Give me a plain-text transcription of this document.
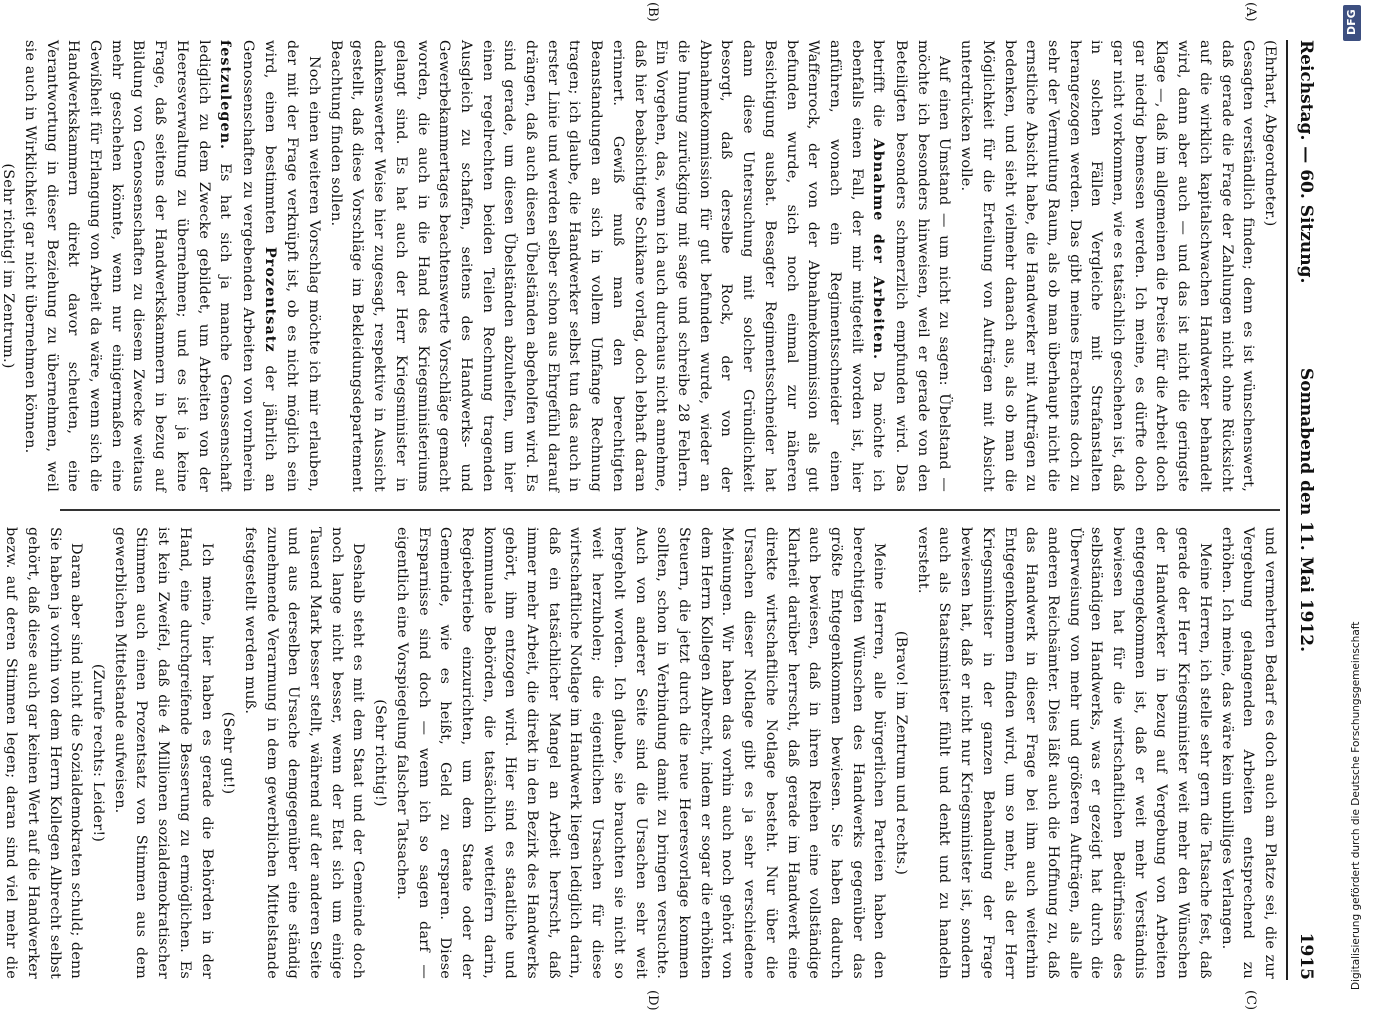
DFG
Digitalisierung gefördert durch die Deutsche Forschungsgemeinschaft
Reichstag. — 60. Sitzung.
Sonnabend den 11. Mai 1912.
1915
(A)
(B)
(C)
(D)

(Ehrhart, Abgeordneter.)

Gesagten verständlich finden; denn es ist wünschenswert, daß gerade die Frage der Zahlungen nicht ohne Rücksicht auf die wirklich kapitalschwachen Handwerker behandelt wird, dann aber auch — und das ist nicht die geringste Klage —, daß im allgemeinen die Preise für die Arbeit doch gar niedrig bemessen werden. Ich meine, es dürfte doch gar nicht vorkommen, wie es tatsächlich geschehen ist, daß in solchen Fällen Vergleiche mit Strafanstalten herangezogen werden. Das gibt meines Erachtens doch zu sehr der Vermutung Raum, als ob man überhaupt nicht die ernstliche Absicht habe, die Handwerker mit Aufträgen zu bedenken, und sieht vielmehr danach aus, als ob man die Möglichkeit für die Erteilung von Aufträgen mit Absicht unterdrücken wolle.

Auf einen Umstand — um nicht zu sagen: Übelstand — möchte ich besonders hinweisen, weil er gerade von den Beteiligten besonders schmerzlich empfunden wird. Das betrifft die Abnahme der Arbeiten. Da möchte ich ebenfalls einen Fall, der mir mitgeteilt worden ist, hier anführen, wonach ein Regimentsschneider einen Waffenrock, der von der Abnahmekommission als gut befunden wurde, sich noch einmal zur näheren Besichtigung ausbat. Besagter Regimentsschneider hat dann diese Untersuchung mit solcher Gründlichkeit besorgt, daß derselbe Rock, der von der Abnahmekommission für gut befunden wurde, wieder an die Innung zurückging mit sage und schreibe 28 Fehlern. Ein Vorgehen, das, wenn ich auch durchaus nicht annehme, daß hier beabsichtigte Schikane vorlag, doch lebhaft daran erinnert. Gewiß muß man den berechtigten Beanstandungen an sich in vollem Umfange Rechnung tragen; ich glaube, die Handwerker selbst tun das auch in erster Linie und werden selber schon aus Ehrgefühl darauf drängen, daß auch diesen Übelständen abgeholfen wird. Es sind gerade, um diesen Übelständen abzuhelfen, um hier einen regelrechten beiden Teilen Rechnung tragenden Ausgleich zu schaffen, seitens des Handwerks- und Gewerbekammertages beachtenswerte Vorschläge gemacht worden, die auch in die Hand des Kriegsministeriums gelangt sind. Es hat auch der Herr Kriegsminister in dankenswerter Weise hier zugesagt, respektive in Aussicht gestellt, daß diese Vorschläge im Bekleidungsdepartement Beachtung finden sollen.

Noch einen weiteren Vorschlag möchte ich mir erlauben, der mit der Frage verknüpft ist, ob es nicht möglich sein wird, einen bestimmten Prozentsatz der jährlich an Genossenschaften zu vergebenden Arbeiten von vornherein festzulegen. Es hat sich ja manche Genossenschaft lediglich zu dem Zwecke gebildet, um Arbeiten von der Heeresverwaltung zu übernehmen; und es ist ja keine Frage, daß seitens der Handwerkskammern in bezug auf Bildung von Genossenschaften zu diesem Zwecke weitaus mehr geschehen könnte, wenn nur einigermaßen eine Gewißheit für Erlangung von Arbeit da wäre, wenn sich die Handwerkskammern direkt davor scheuten, eine Verantwortung in dieser Beziehung zu übernehmen, weil sie auch in Wirklichkeit gar nicht übernehmen können.

(Sehr richtig! im Zentrum.)

und vermehrten Bedarf es doch auch am Platze sei, die zur Vergebung gelangenden Arbeiten entsprechend zu erhöhen. Ich meine, das wäre kein unbilliges Verlangen.

Meine Herren, ich stelle sehr gern die Tatsache fest, daß gerade der Herr Kriegsminister weit mehr den Wünschen der Handwerker in bezug auf Vergebung von Arbeiten entgegengekommen ist, daß er weit mehr Verständnis bewiesen hat für die wirtschaftlichen Bedürfnisse des selbständigen Handwerks, was er gezeigt hat durch die Überweisung von mehr und größeren Aufträgen, als alle anderen Reichsämter. Dies läßt auch die Hoffnung zu, daß das Handwerk in dieser Frage bei ihm auch weiterhin Entgegenkommen finden wird, um so mehr, als der Herr Kriegsminister in der ganzen Behandlung der Frage bewiesen hat, daß er nicht nur Kriegsminister ist, sondern auch als Staatsminister fühlt und denkt und zu handeln versteht.

(Bravo! im Zentrum und rechts.)

Meine Herren, alle bürgerlichen Parteien haben den berechtigten Wünschen des Handwerks gegenüber das größte Entgegenkommen bewiesen. Sie haben dadurch auch bewiesen, daß in ihren Reihen eine vollständige Klarheit darüber herrscht, daß gerade im Handwerk eine direkte wirtschaftliche Notlage besteht. Nur über die Ursachen dieser Notlage gibt es ja sehr verschiedene Meinungen. Wir haben das vorhin auch noch gehört von dem Herrn Kollegen Albrecht, indem er sogar die erhöhten Steuern, die jetzt durch die neue Heeresvorlage kommen sollten, schon in Verbindung damit zu bringen versuchte. Auch von anderer Seite sind die Ursachen sehr weit hergeholt worden. Ich glaube, sie brauchten sie nicht so weit herzuholen; die eigentlichen Ursachen für diese wirtschaftliche Notlage im Handwerk liegen lediglich darin, daß ein tatsächlicher Mangel an Arbeit herrscht, daß immer mehr Arbeit, die direkt in den Bezirk des Handwerks gehört, ihm entzogen wird. Hier sind es staatliche und kommunale Behörden, die tatsächlich wetteifern darin, Regiebetriebe einzurichten, um dem Staate oder der Gemeinde, wie es heißt, Geld zu ersparen. Diese Ersparnisse sind doch — wenn ich so sagen darf — eigentlich eine Vorspiegelung falscher Tatsachen.

(Sehr richtig!)

Deshalb steht es mit dem Staat und der Gemeinde doch noch lange nicht besser, wenn der Etat sich um einige Tausend Mark besser stellt, während auf der anderen Seite und aus derselben Ursache demgegenüber eine ständig zunehmende Verarmung in dem gewerblichen Mittelstande festgestellt werden muß.

(Sehr gut!)

Ich meine, hier haben es gerade die Behörden in der Hand, eine durchgreifende Besserung zu ermöglichen. Es ist kein Zweifel, daß die 4 Millionen sozialdemokratischer Stimmen auch einen Prozentsatz von Stimmen aus dem gewerblichen Mittelstande aufweisen.

(Zurufe rechts: Leider!)

Daran aber sind nicht die Sozialdemokraten schuld; denn Sie haben ja vorhin von dem Herrn Kollegen Albrecht selbst gehört, daß diese auch gar keinen Wert auf die Handwerker bezw. auf deren Stimmen legen; daran sind viel mehr die
